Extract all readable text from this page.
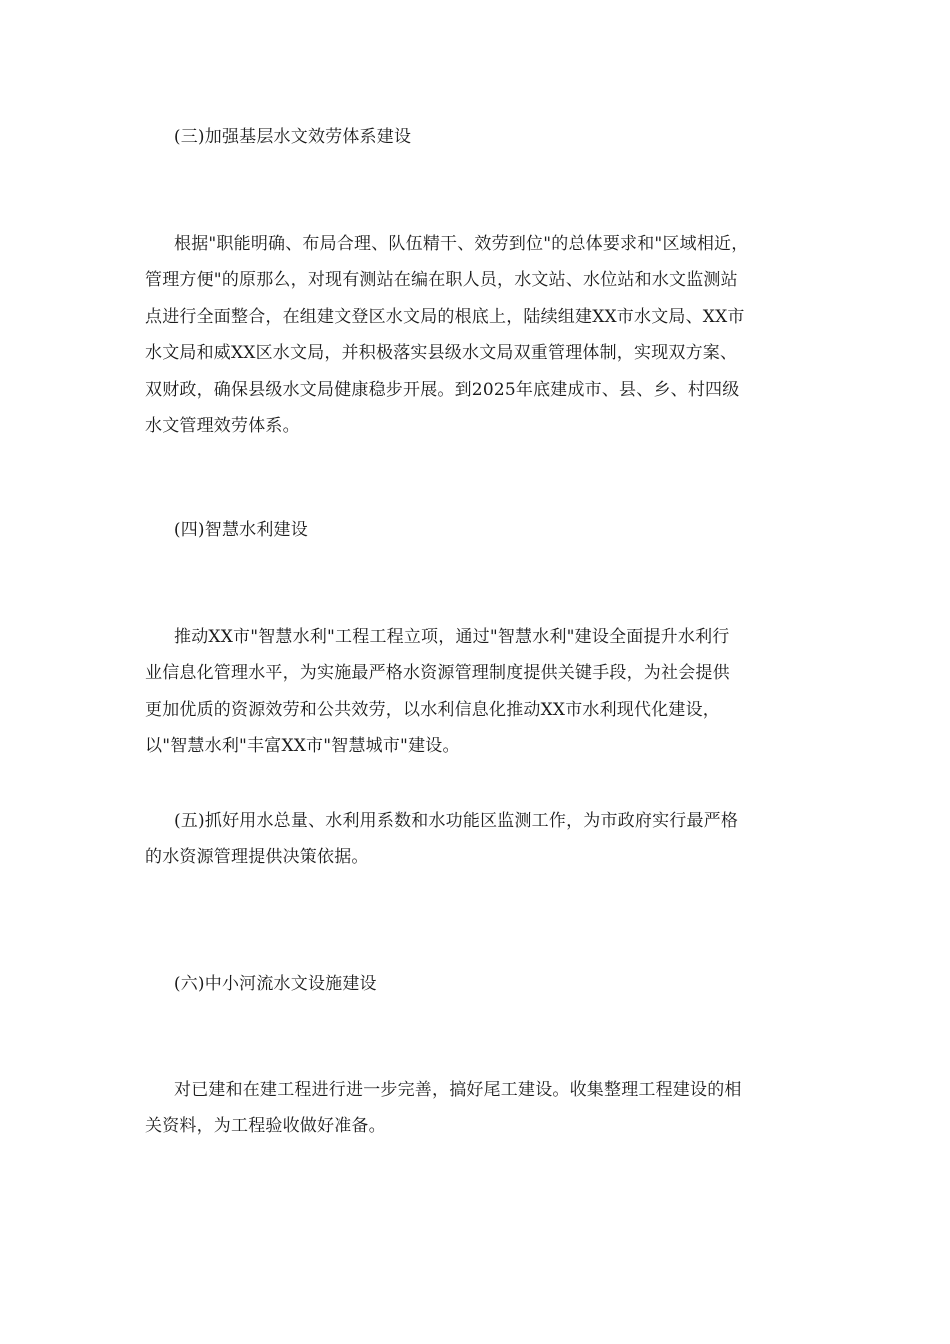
(三)加强基层水文效劳体系建设

根据"职能明确、布局合理、队伍精干、效劳到位"的总体要求和"区域相近，
管理方便"的原那么，对现有测站在编在职人员，水文站、水位站和水文监测站
点进行全面整合，在组建文登区水文局的根底上，陆续组建XX市水文局、XX市
水文局和威XX区水文局，并积极落实县级水文局双重管理体制，实现双方案、
双财政，确保县级水文局健康稳步开展。到2025年底建成市、县、乡、村四级
水文管理效劳体系。

(四)智慧水利建设

推动XX市"智慧水利"工程工程立项，通过"智慧水利"建设全面提升水利行
业信息化管理水平，为实施最严格水资源管理制度提供关键手段，为社会提供
更加优质的资源效劳和公共效劳，以水利信息化推动XX市水利现代化建设，
以"智慧水利"丰富XX市"智慧城市"建设。
(五)抓好用水总量、水利用系数和水功能区监测工作，为市政府实行最严格
的水资源管理提供决策依据。

(六)中小河流水文设施建设

对已建和在建工程进行进一步完善，搞好尾工建设。收集整理工程建设的相
关资料，为工程验收做好准备。
